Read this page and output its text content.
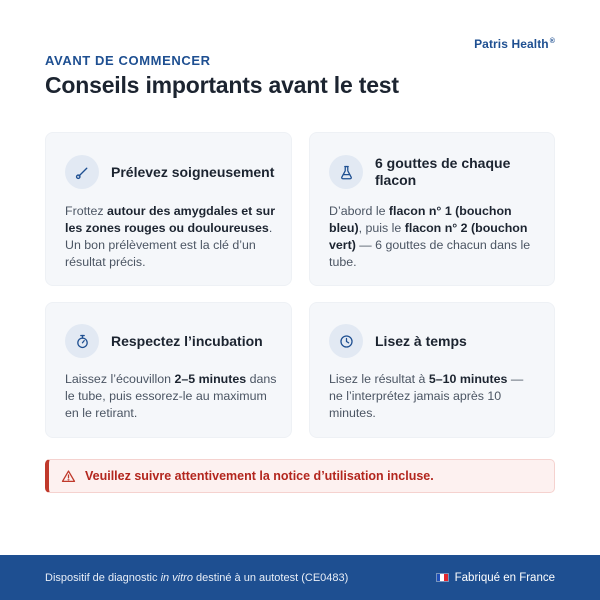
Patris Health®
AVANT DE COMMENCER
Conseils importants avant le test
Prélevez soigneusement

Frottez autour des amygdales et sur les zones rouges ou douloureuses. Un bon prélèvement est la clé d’un résultat précis.

6 gouttes de chaque flacon

D’abord le flacon n° 1 (bouchon bleu), puis le flacon n° 2 (bouchon vert) — 6 gouttes de chacun dans le tube.

Respectez l’incubation

Laissez l’écouvillon 2–5 minutes dans le tube, puis essorez-le au maximum en le retirant.

Lisez à temps

Lisez le résultat à 5–10 minutes — ne l’interprétez jamais après 10 minutes.

Veuillez suivre attentivement la notice d’utilisation incluse.
Dispositif de diagnostic in vitro destiné à un autotest (CE0483)	Fabriqué en France
